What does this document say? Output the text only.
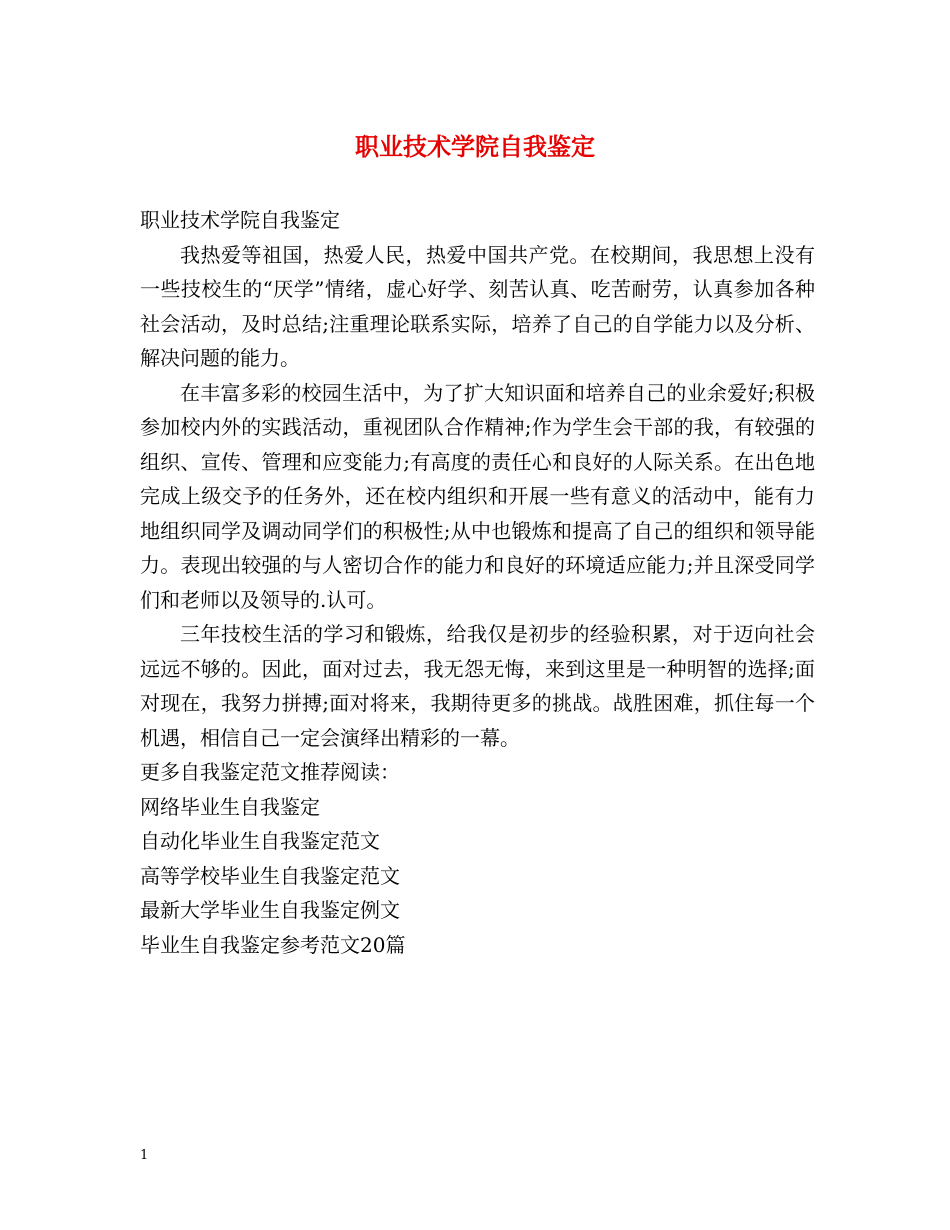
职业技术学院自我鉴定

职业技术学院自我鉴定

我热爱等祖国，热爱人民，热爱中国共产党。在校期间，我思想上没有一些技校生的“厌学”情绪，虚心好学、刻苦认真、吃苦耐劳，认真参加各种社会活动，及时总结;注重理论联系实际，培养了自己的自学能力以及分析、解决问题的能力。

在丰富多彩的校园生活中，为了扩大知识面和培养自己的业余爱好;积极参加校内外的实践活动，重视团队合作精神;作为学生会干部的我，有较强的组织、宣传、管理和应变能力;有高度的责任心和良好的人际关系。在出色地完成上级交予的任务外，还在校内组织和开展一些有意义的活动中，能有力地组织同学及调动同学们的积极性;从中也锻炼和提高了自己的组织和领导能力。表现出较强的与人密切合作的能力和良好的环境适应能力;并且深受同学们和老师以及领导的.认可。

三年技校生活的学习和锻炼，给我仅是初步的经验积累，对于迈向社会远远不够的。因此，面对过去，我无怨无悔，来到这里是一种明智的选择;面对现在，我努力拼搏;面对将来，我期待更多的挑战。战胜困难，抓住每一个机遇，相信自己一定会演绎出精彩的一幕。

更多自我鉴定范文推荐阅读：

网络毕业生自我鉴定
自动化毕业生自我鉴定范文
高等学校毕业生自我鉴定范文
最新大学毕业生自我鉴定例文
毕业生自我鉴定参考范文20篇
1
